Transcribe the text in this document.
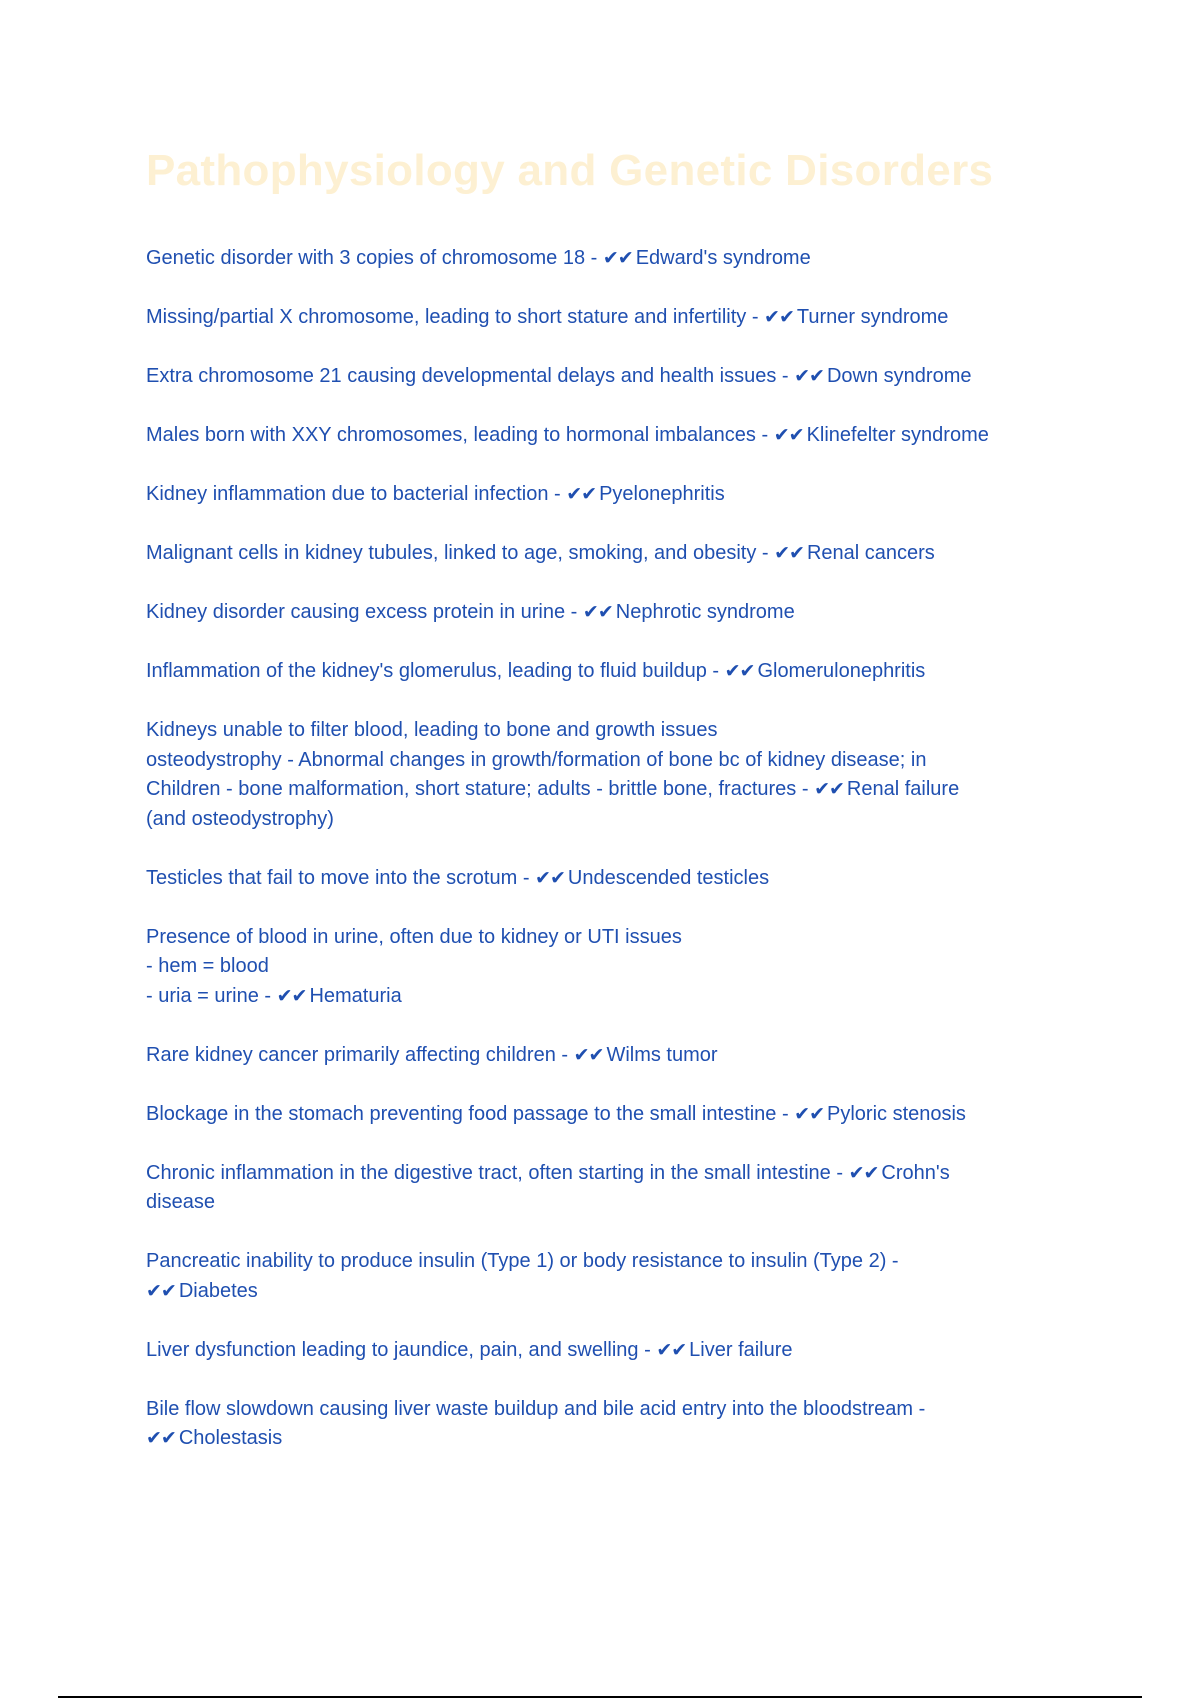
Pathophysiology and Genetic Disorders
Genetic disorder with 3 copies of chromosome 18 - ✔✔ Edward's syndrome
Missing/partial X chromosome, leading to short stature and infertility - ✔✔ Turner syndrome
Extra chromosome 21 causing developmental delays and health issues - ✔✔ Down syndrome
Males born with XXY chromosomes, leading to hormonal imbalances - ✔✔ Klinefelter syndrome
Kidney inflammation due to bacterial infection - ✔✔ Pyelonephritis
Malignant cells in kidney tubules, linked to age, smoking, and obesity - ✔✔ Renal cancers
Kidney disorder causing excess protein in urine - ✔✔ Nephrotic syndrome
Inflammation of the kidney's glomerulus, leading to fluid buildup - ✔✔ Glomerulonephritis
Kidneys unable to filter blood, leading to bone and growth issues
osteodystrophy - Abnormal changes in growth/formation of bone bc of kidney disease; in
Children - bone malformation, short stature; adults - brittle bone, fractures - ✔✔ Renal failure
(and osteodystrophy)
Testicles that fail to move into the scrotum - ✔✔ Undescended testicles
Presence of blood in urine, often due to kidney or UTI issues
- hem = blood
- uria = urine - ✔✔ Hematuria
Rare kidney cancer primarily affecting children - ✔✔ Wilms tumor
Blockage in the stomach preventing food passage to the small intestine - ✔✔ Pyloric stenosis
Chronic inflammation in the digestive tract, often starting in the small intestine - ✔✔ Crohn's
disease
Pancreatic inability to produce insulin (Type 1) or body resistance to insulin (Type 2) -
✔✔ Diabetes
Liver dysfunction leading to jaundice, pain, and swelling - ✔✔ Liver failure
Bile flow slowdown causing liver waste buildup and bile acid entry into the bloodstream -
✔✔ Cholestasis
